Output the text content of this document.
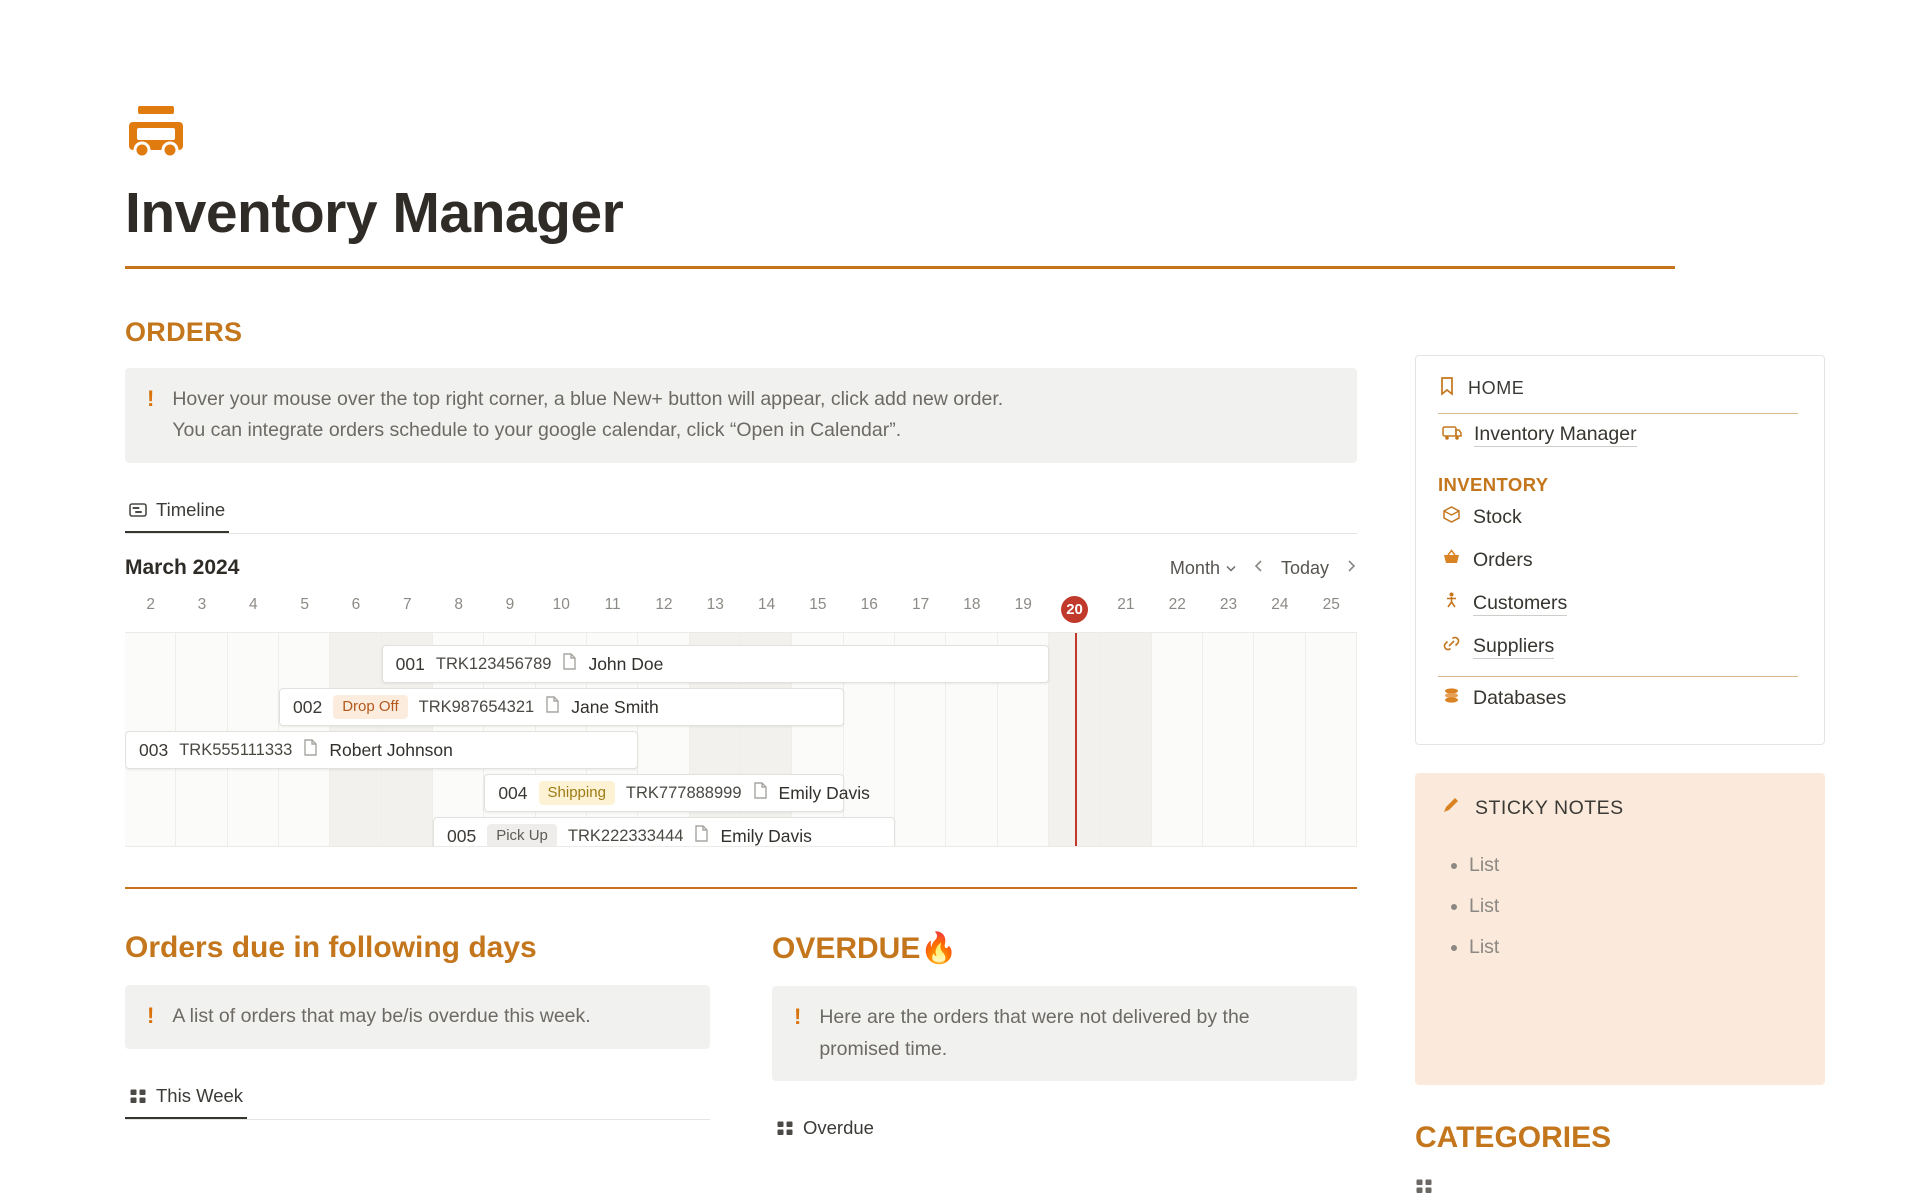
Inventory Manager
ORDERS
! Hover your mouse over the top right corner, a blue New+ button will appear, click add new order.
You can integrate orders schedule to your google calendar, click “Open in Calendar”.
Timeline
March 2024	Month	Today
2	3	4	5	6	7	8	9	10	11	12	13	14	15	16	17	18	19	20	21	22	23	24	25
001 TRK123456789 John Doe
002	Drop Off	TRK987654321 Jane Smith
003 TRK555111333 Robert Johnson
004	Shipping	TRK777888999 Emily Davis
005	Pick Up	TRK222333444 Emily Davis
Orders due in following days
! A list of orders that may be/is overdue this week.
This Week
OVERDUE🔥
! Here are the orders that were not delivered by the
promised time.
Overdue
HOME
Inventory Manager
INVENTORY
Stock
Orders
Customers
Suppliers
Databases
STICKY NOTES
• List
• List
• List
CATEGORIES
